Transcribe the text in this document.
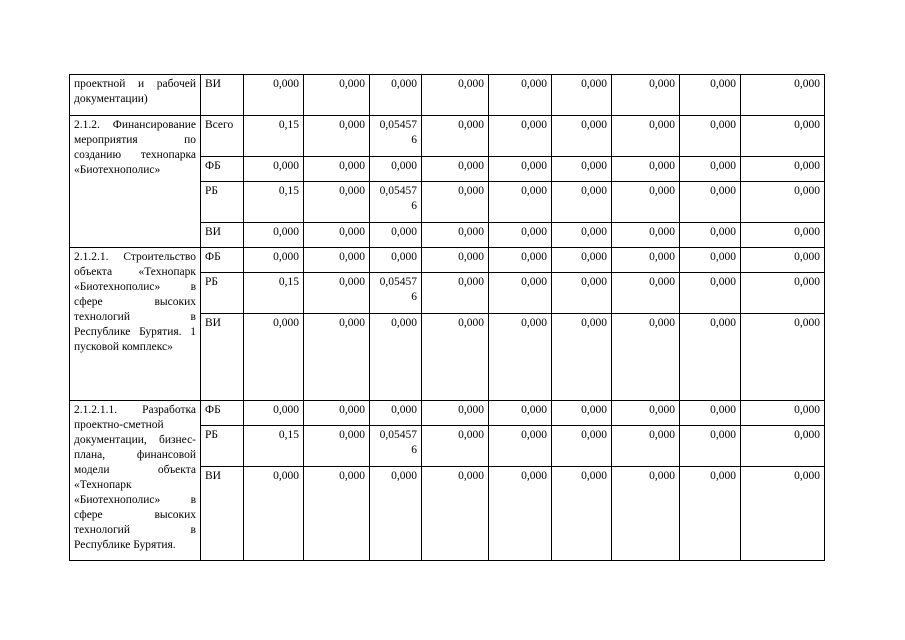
проектной и рабочей документации)	ВИ	0,000	0,000	0,000	0,000	0,000	0,000	0,000	0,000	0,000
2.1.2. Финансирование мероприятия по созданию технопарка «Биотехнополис»	Всего	0,15	0,000	0,054576	0,000	0,000	0,000	0,000	0,000	0,000
	ФБ	0,000	0,000	0,000	0,000	0,000	0,000	0,000	0,000	0,000
	РБ	0,15	0,000	0,054576	0,000	0,000	0,000	0,000	0,000	0,000
	ВИ	0,000	0,000	0,000	0,000	0,000	0,000	0,000	0,000	0,000
2.1.2.1. Строительство объекта «Технопарк «Биотехнополис» в сфере высоких технологий в Республике Бурятия. 1 пусковой комплекс»	ФБ	0,000	0,000	0,000	0,000	0,000	0,000	0,000	0,000	0,000
	РБ	0,15	0,000	0,054576	0,000	0,000	0,000	0,000	0,000	0,000
	ВИ	0,000	0,000	0,000	0,000	0,000	0,000	0,000	0,000	0,000
2.1.2.1.1. Разработка проектно-сметной документации, бизнес-плана, финансовой модели объекта «Технопарк «Биотехнополис» в сфере высоких технологий в Республике Бурятия.	ФБ	0,000	0,000	0,000	0,000	0,000	0,000	0,000	0,000	0,000
	РБ	0,15	0,000	0,054576	0,000	0,000	0,000	0,000	0,000	0,000
	ВИ	0,000	0,000	0,000	0,000	0,000	0,000	0,000	0,000	0,000
